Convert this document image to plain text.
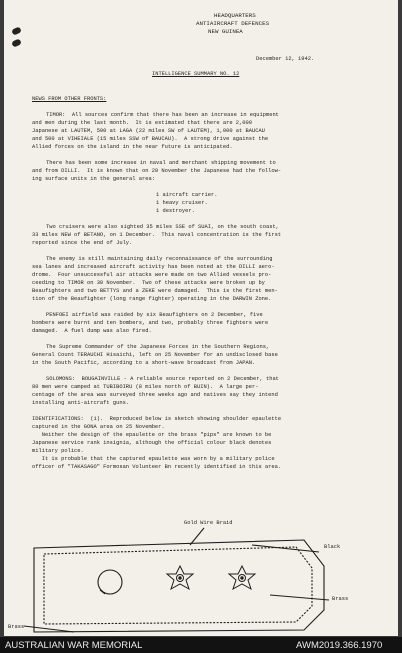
HEADQUARTERS
ANTIAIRCRAFT DEFENCES
NEW GUINEA
December 12, 1942.
INTELLIGENCE SUMMARY NO. 12
NEWS FROM OTHER FRONTS:
TIMOR:  All sources confirm that there has been an increase in equipment
and men during the last month.  It is estimated that there are 2,000
Japanese at LAUTEM, 500 at LAGA (22 miles SW of LAUTEM), 1,000 at BAUCAU
and 500 at VIHEIALE (15 miles SSW of BAUCAU).  A strong drive against the
Allied forces on the island in the near future is anticipated.
There has been some increase in naval and merchant shipping movement to
and from DILLI.  It is known that on 29 November the Japanese had the follow-
ing surface units in the general area:
1 aircraft carrier.
1 heavy cruiser.
1 destroyer.
Two cruisers were also sighted 35 miles SSE of SUAI, on the south coast,
33 miles NEW of BETANO, on 1 December.  This naval concentration is the first
reported since the end of July.
The enemy is still maintaining daily reconnaissance of the surrounding
sea lanes and increased aircraft activity has been noted at the DILLI aero-
drome.  Four unsuccessful air attacks were made on two Allied vessels pro-
ceeding to TIMOR on 30 November.  Two of these attacks were broken up by
Beaufighters and two BETTYS and a ZEKE were damaged.  This is the first men-
tion of the Beaufighter (long range fighter) operating in the DARWIN Zone.
PENFOEI airfield was raided by six Beaufighters on 2 December, five
bombers were burnt and ten bombers, and two, probably three fighters were
damaged.  A fuel dump was also fired.
The Supreme Commander of the Japanese Forces in the Southern Regions,
General Count TERAUCHI Hisaichi, left on 25 November for an undisclosed base
in the South Pacific, according to a short-wave broadcast from JAPAN.
SOLOMONS:  BOUGAINVILLE - A reliable source reported on 2 December, that
80 men were camped at TUBIBOIRU (8 miles north of BUIN).  A large per-
centage of the area was surveyed three weeks ago and natives say they intend
installing anti-aircraft guns.
IDENTIFICATIONS:  (i).  Reproduced below is sketch showing shoulder epaulette
captured in the GONA area on 25 November.
Neither the design of the epaulette or the brass "pips" are known to be
Japanese service rank insignia, although the official colour black denotes
military police.
It is probable that the captured epaulette was worn by a military police
officer of "TAKASAGO" Formosan Volunteer Bn recently identified in this area.
Gold Wire Braid
Black
Brass
Brass
AUSTRALIAN WAR MEMORIAL	AWM2019.366.1970
